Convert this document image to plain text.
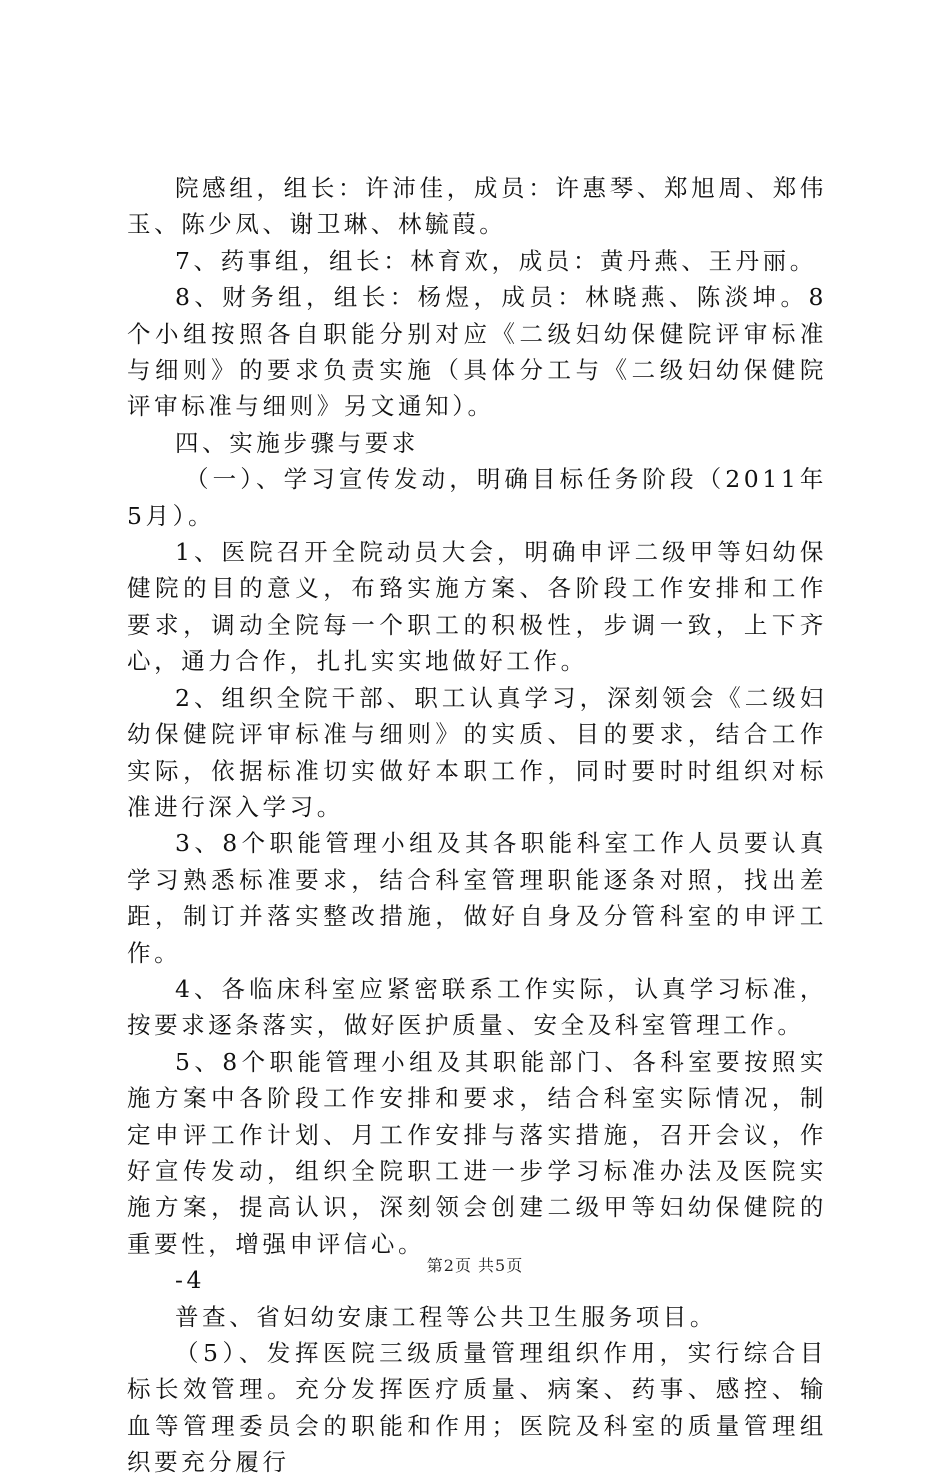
院感组，组长：许沛佳，成员：许惠琴、郑旭周、郑伟玉、陈少凤、谢卫琳、林毓葭。

7、药事组，组长：林育欢，成员：黄丹燕、王丹丽。

8、财务组，组长：杨煜，成员：林晓燕、陈淡坤。8个小组按照各自职能分别对应《二级妇幼保健院评审标准与细则》的要求负责实施（具体分工与《二级妇幼保健院评审标准与细则》另文通知）。

四、实施步骤与要求

（一）、学习宣传发动，明确目标任务阶段（2011年5月）。

1、医院召开全院动员大会，明确申评二级甲等妇幼保健院的目的意义，布臵实施方案、各阶段工作安排和工作要求，调动全院每一个职工的积极性，步调一致，上下齐心，通力合作，扎扎实实地做好工作。

2、组织全院干部、职工认真学习，深刻领会《二级妇幼保健院评审标准与细则》的实质、目的要求，结合工作实际，依据标准切实做好本职工作，同时要时时组织对标准进行深入学习。

3、8个职能管理小组及其各职能科室工作人员要认真学习熟悉标准要求，结合科室管理职能逐条对照，找出差距，制订并落实整改措施，做好自身及分管科室的申评工作。

4、各临床科室应紧密联系工作实际，认真学习标准，按要求逐条落实，做好医护质量、安全及科室管理工作。

5、8个职能管理小组及其职能部门、各科室要按照实施方案中各阶段工作安排和要求，结合科室实际情况，制定申评工作计划、月工作安排与落实措施，召开会议，作好宣传发动，组织全院职工进一步学习标准办法及医院实施方案，提高认识，深刻领会创建二级甲等妇幼保健院的重要性，增强申评信心。

-4

普查、省妇幼安康工程等公共卫生服务项目。

（5）、发挥医院三级质量管理组织作用，实行综合目标长效管理。充分发挥医疗质量、病案、药事、感控、输血等管理委员会的职能和作用；医院及科室的质量管理组织要充分履行

第2页 共5页
